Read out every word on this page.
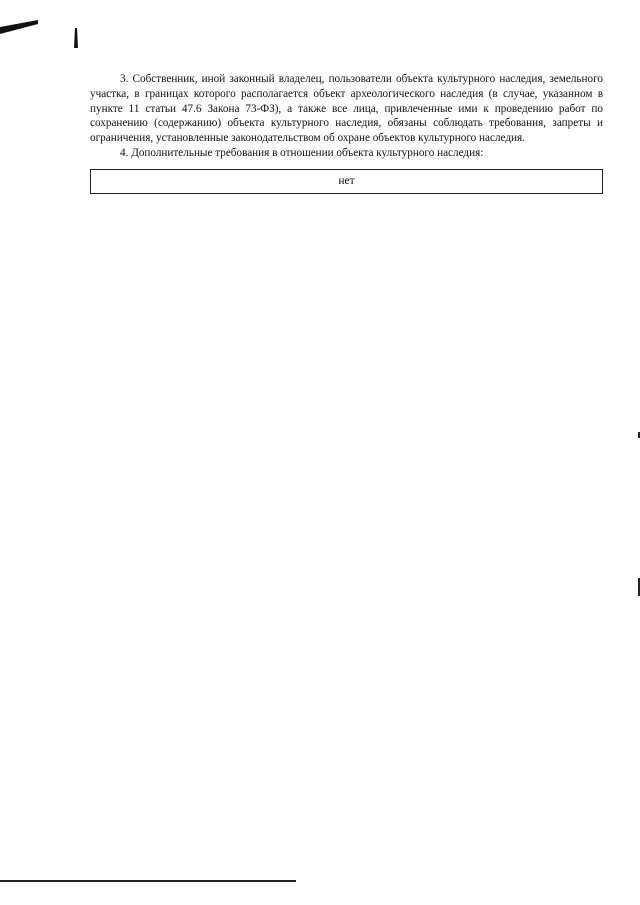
3. Собственник, иной законный владелец, пользователи объекта культурного наследия, земельного участка, в границах которого располагается объект археологического наследия (в случае, указанном в пункте 11 статьи 47.6 Закона 73-ФЗ), а также все лица, привлеченные ими к проведению работ по сохранению (содержанию) объекта культурного наследия, обязаны соблюдать требования, запреты и ограничения, установленные законодательством об охране объектов культурного наследия.

4. Дополнительные требования в отношении объекта культурного наследия:

нет
